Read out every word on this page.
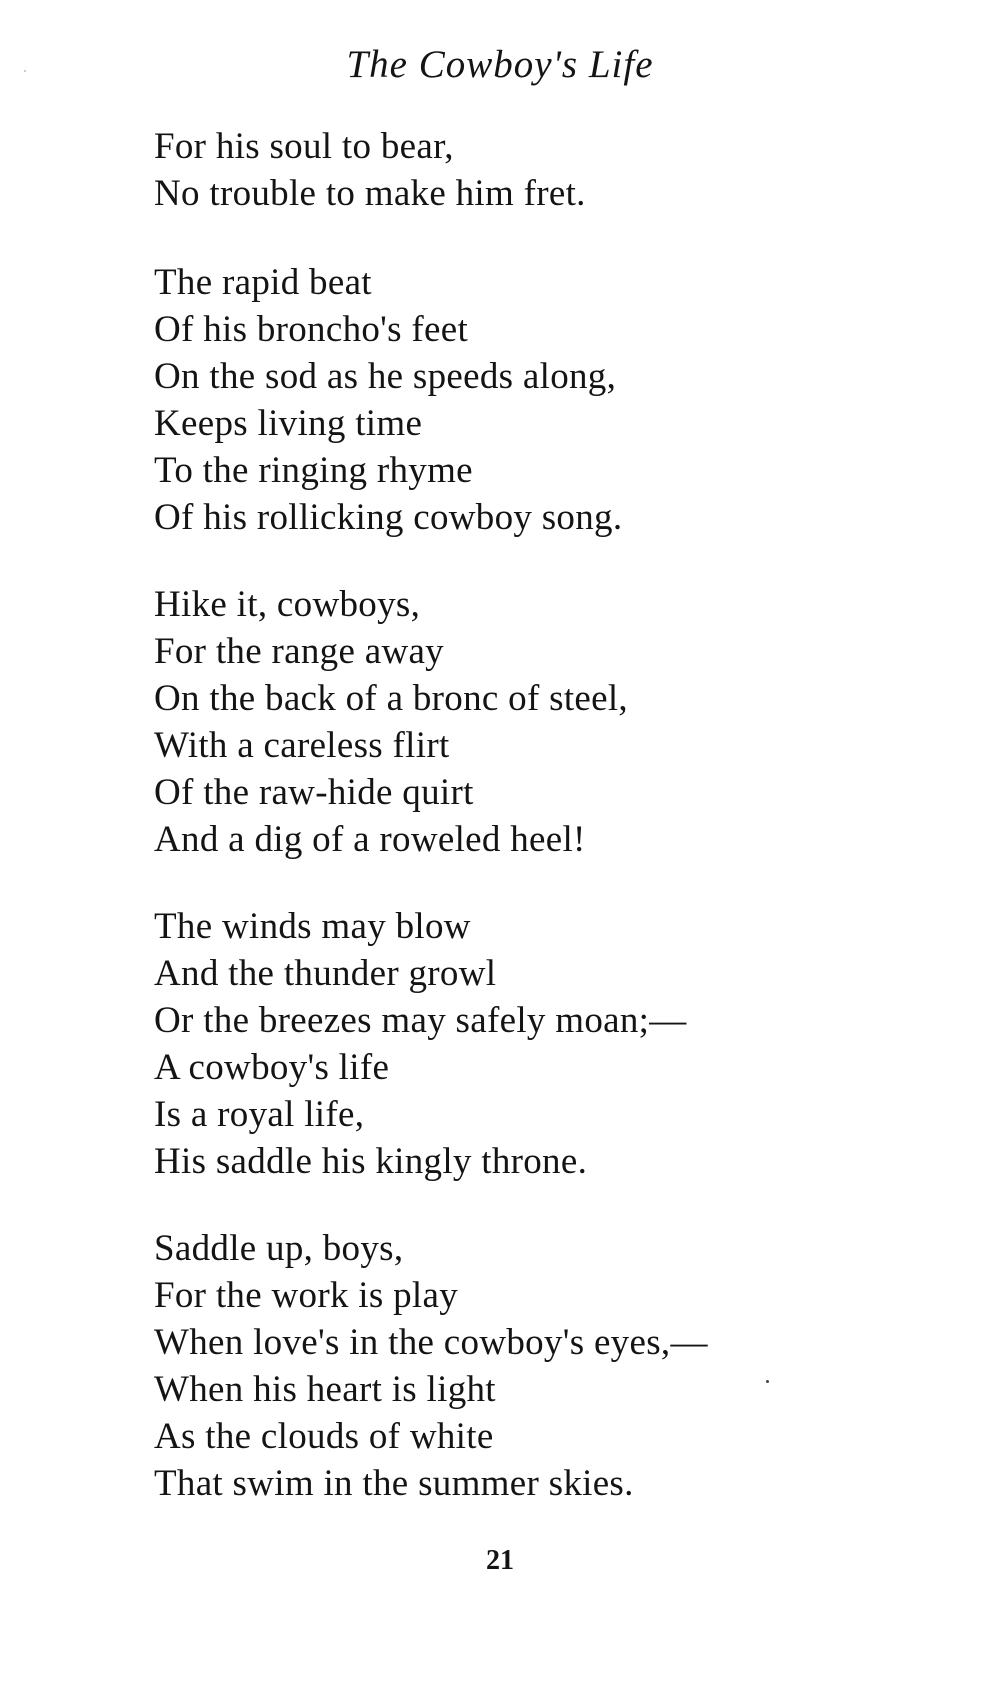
The Cowboy's Life
For his soul to bear,
No trouble to make him fret.
The rapid beat
Of his broncho's feet
On the sod as he speeds along,
Keeps living time
To the ringing rhyme
Of his rollicking cowboy song.
Hike it, cowboys,
For the range away
On the back of a bronc of steel,
With a careless flirt
Of the raw-hide quirt
And a dig of a roweled heel!
The winds may blow
And the thunder growl
Or the breezes may safely moan;—
A cowboy's life
Is a royal life,
His saddle his kingly throne.
Saddle up, boys,
For the work is play
When love's in the cowboy's eyes,—
When his heart is light
As the clouds of white
That swim in the summer skies.
21
